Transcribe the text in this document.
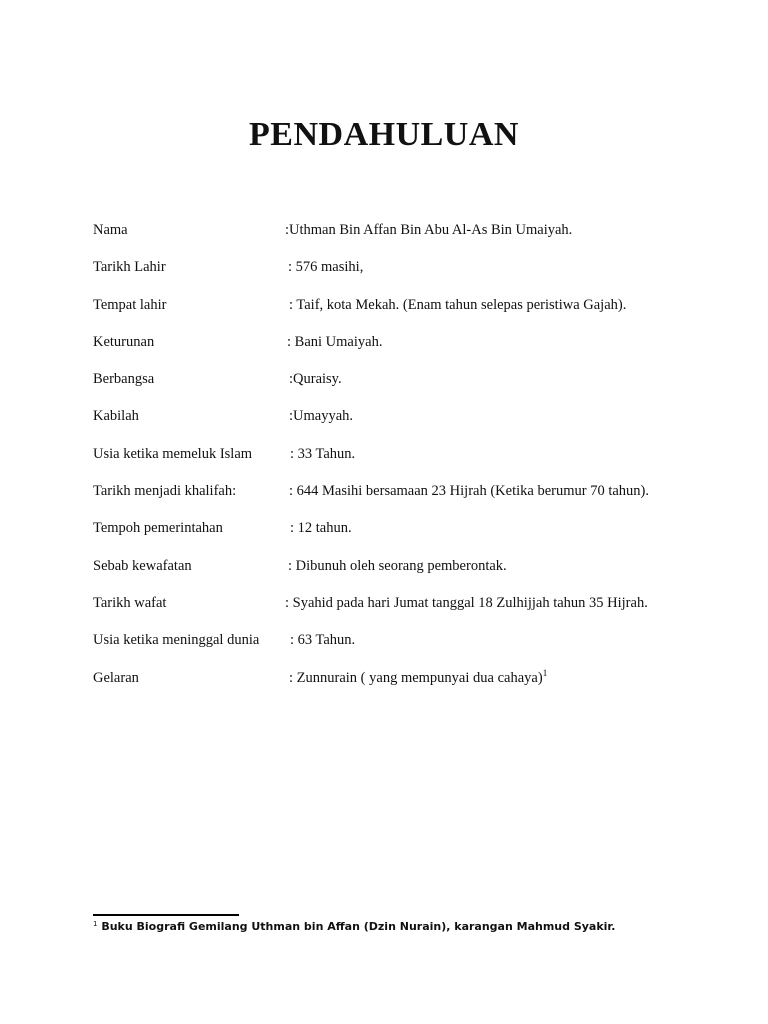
PENDAHULUAN
Nama	:Uthman Bin Affan Bin Abu Al-As Bin Umaiyah.
Tarikh Lahir	: 576 masihi,
Tempat lahir	: Taif, kota Mekah. (Enam tahun selepas peristiwa Gajah).
Keturunan	: Bani Umaiyah.
Berbangsa	:Quraisy.
Kabilah	:Umayyah.
Usia ketika memeluk Islam	: 33 Tahun.
Tarikh menjadi khalifah:	: 644 Masihi bersamaan 23 Hijrah (Ketika berumur 70 tahun).
Tempoh pemerintahan	: 12 tahun.
Sebab kewafatan	: Dibunuh oleh seorang pemberontak.
Tarikh wafat	: Syahid pada hari Jumat tanggal 18 Zulhijjah tahun 35 Hijrah.
Usia ketika meninggal dunia : 63 Tahun.
Gelaran	: Zunnurain ( yang mempunyai dua cahaya)$^1$
$^1$ Buku Biografi Gemilang Uthman bin Affan (Dzin Nurain), karangan Mahmud Syakir.
